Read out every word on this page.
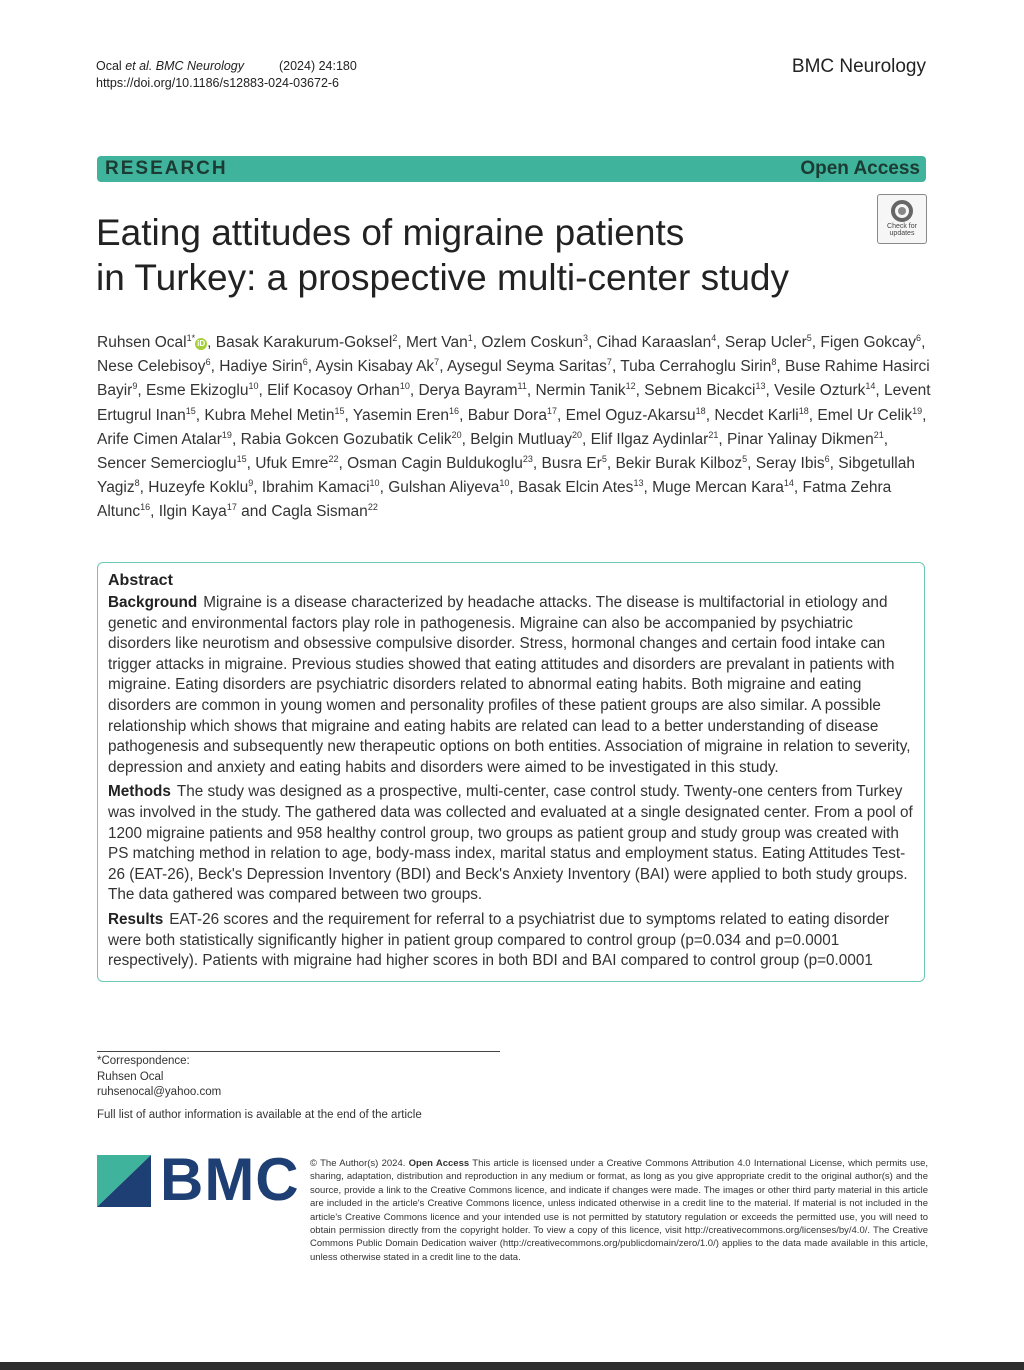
Ocal et al. BMC Neurology	(2024) 24:180
https://doi.org/10.1186/s12883-024-03672-6
BMC Neurology
RESEARCH	Open Access
Check for
updates
Eating attitudes of migraine patients
in Turkey: a prospective multi-center study
Ruhsen Ocal$^{1*}$iD , Basak Karakurum-Goksel$^2$, Mert Van$^1$, Ozlem Coskun$^3$, Cihad Karaaslan$^4$, Serap Ucler$^5$, Figen Gokcay$^6$, Nese Celebisoy$^6$, Hadiye Sirin$^6$, Aysin Kisabay Ak$^7$, Aysegul Seyma Saritas$^7$, Tuba Cerrahoglu Sirin$^8$, Buse Rahime Hasirci Bayir$^9$, Esme Ekizoglu$^{10}$, Elif Kocasoy Orhan$^{10}$, Derya Bayram$^{11}$, Nermin Tanik$^{12}$, Sebnem Bicakci$^{13}$, Vesile Ozturk$^{14}$, Levent Ertugrul Inan$^{15}$, Kubra Mehel Metin$^{15}$, Yasemin Eren$^{16}$, Babur Dora$^{17}$, Emel Oguz-Akarsu$^{18}$, Necdet Karli$^{18}$, Emel Ur Celik$^{19}$, Arife Cimen Atalar$^{19}$, Rabia Gokcen Gozubatik Celik$^{20}$, Belgin Mutluay$^{20}$, Elif Ilgaz Aydinlar$^{21}$, Pinar Yalinay Dikmen$^{21}$, Sencer Semercioglu$^{15}$, Ufuk Emre$^{22}$, Osman Cagin Buldukoglu$^{23}$, Busra Er$^5$, Bekir Burak Kilboz$^5$, Seray Ibis$^6$, Sibgetullah Yagiz$^8$, Huzeyfe Koklu$^9$, Ibrahim Kamaci$^{10}$, Gulshan Aliyeva$^{10}$, Basak Elcin Ates$^{13}$, Muge Mercan Kara$^{14}$, Fatma Zehra Altunc$^{16}$, Ilgin Kaya$^{17}$ and Cagla Sisman$^{22}$
Abstract

Background Migraine is a disease characterized by headache attacks. The disease is multifactorial in etiology and genetic and environmental factors play role in pathogenesis. Migraine can also be accompanied by psychiatric disorders like neurotism and obsessive compulsive disorder. Stress, hormonal changes and certain food intake can trigger attacks in migraine. Previous studies showed that eating attitudes and disorders are prevalant in patients with migraine. Eating disorders are psychiatric disorders related to abnormal eating habits. Both migraine and eating disorders are common in young women and personality profiles of these patient groups are also similar. A possible relationship which shows that migraine and eating habits are related can lead to a better understanding of disease pathogenesis and subsequently new therapeutic options on both entities. Association of migraine in relation to severity, depression and anxiety and eating habits and disorders were aimed to be investigated in this study.

Methods The study was designed as a prospective, multi-center, case control study. Twenty-one centers from Turkey was involved in the study. The gathered data was collected and evaluated at a single designated center. From a pool of 1200 migraine patients and 958 healthy control group, two groups as patient group and study group was created with PS matching method in relation to age, body-mass index, marital status and employment status. Eating Attitudes Test-26 (EAT-26), Beck's Depression Inventory (BDI) and Beck's Anxiety Inventory (BAI) were applied to both study groups. The data gathered was compared between two groups.

Results EAT-26 scores and the requirement for referral to a psychiatrist due to symptoms related to eating disorder were both statistically significantly higher in patient group compared to control group (p=0.034 and p=0.0001 respectively). Patients with migraine had higher scores in both BDI and BAI compared to control group (p=0.0001

*Correspondence:
Ruhsen Ocal
ruhsenocal@yahoo.com
Full list of author information is available at the end of the article
BMC © The Author(s) 2024. Open Access This article is licensed under a Creative Commons Attribution 4.0 International License, which permits use, sharing, adaptation, distribution and reproduction in any medium or format, as long as you give appropriate credit to the original author(s) and the source, provide a link to the Creative Commons licence, and indicate if changes were made. The images or other third party material in this article are included in the article's Creative Commons licence, unless indicated otherwise in a credit line to the material. If material is not included in the article's Creative Commons licence and your intended use is not permitted by statutory regulation or exceeds the permitted use, you will need to obtain permission directly from the copyright holder. To view a copy of this licence, visit http://creativecommons.org/licenses/by/4.0/. The Creative Commons Public Domain Dedication waiver (http://creativecommons.org/publicdomain/zero/1.0/) applies to the data made available in this article, unless otherwise stated in a credit line to the data.
